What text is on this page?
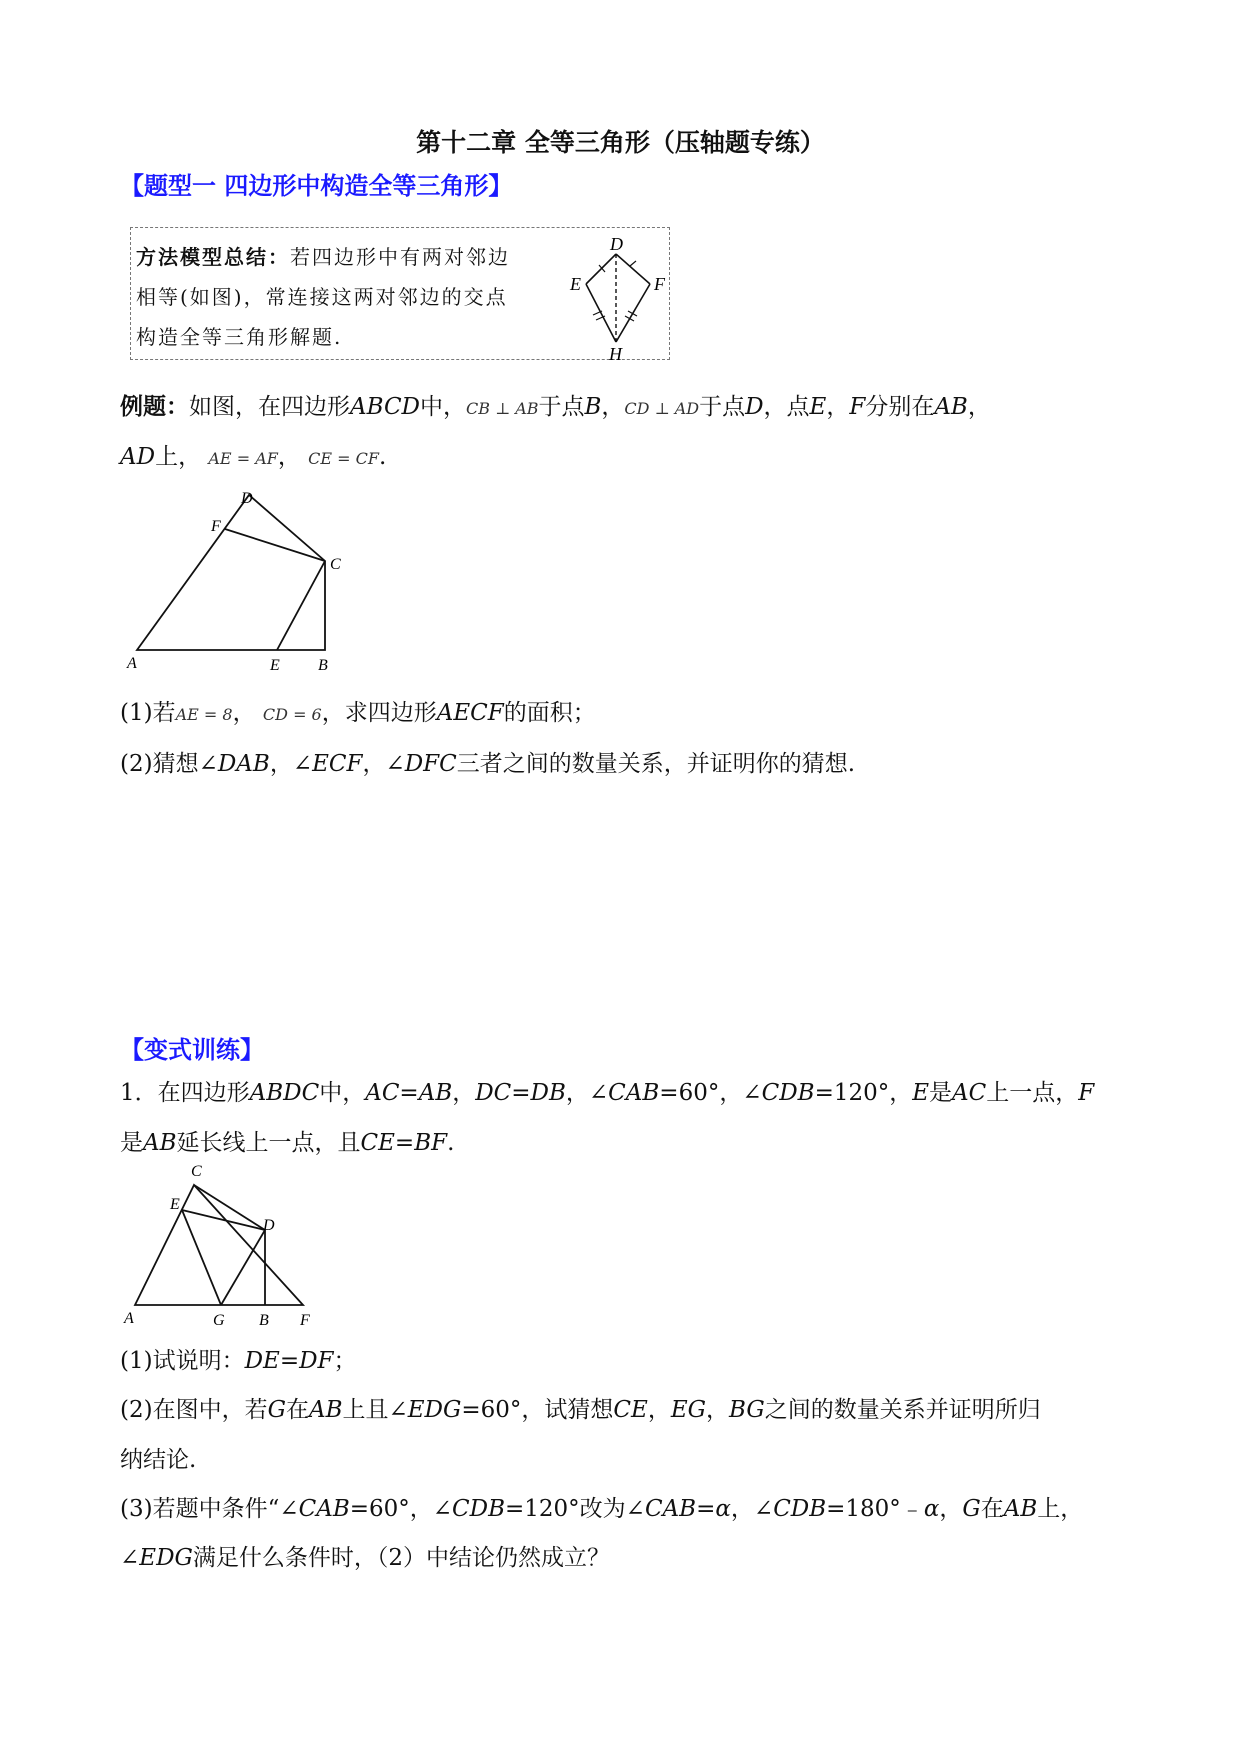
第十二章 全等三角形（压轴题专练）
【题型一 四边形中构造全等三角形】
方法模型总结：若四边形中有两对邻边
相等(如图)，常连接这两对邻边的交点
构造全等三角形解题.
D
E	F
H
例题：如图，在四边形ABCD中，CB ⊥ AB于点B，CD ⊥ AD于点D，点E，F分别在AB，
AD上， AE = AF， CE = CF.
D
F
C
A	E B
(1)若AE = 8， CD = 6，求四边形AECF的面积；
(2)猜想∠DAB，∠ECF，∠DFC三者之间的数量关系，并证明你的猜想.
【变式训练】
1．在四边形ABDC中，AC=AB，DC=DB，∠CAB=60°，∠CDB=120°，E是AC上一点，F
是AB延长线上一点，且CE=BF.
C
E
D
A	G B F
(1)试说明：DE=DF；
(2)在图中，若G在AB上且∠EDG=60°，试猜想CE，EG，BG之间的数量关系并证明所归
纳结论.
(3)若题中条件“∠CAB=60°，∠CDB=120°改为∠CAB=α，∠CDB=180°﹣α，G在AB上，
∠EDG满足什么条件时，（2）中结论仍然成立？
